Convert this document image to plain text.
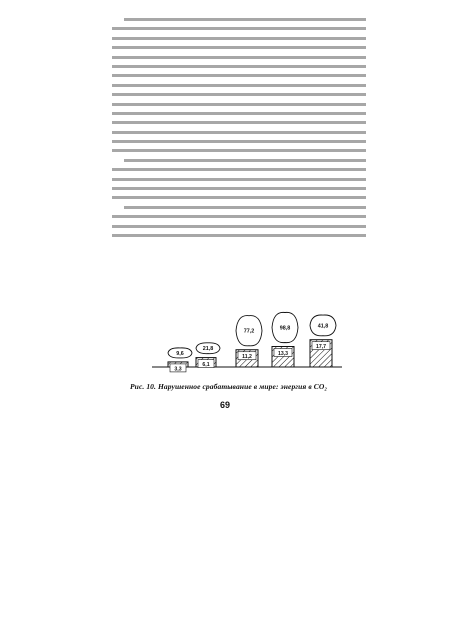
3,3
9,6
6,1
21,8
11,2
77,2
13,3
98,8
17,7
41,8
Рис. 10. Нарушенное срабатывание в мире: энергия в CO₂
69
